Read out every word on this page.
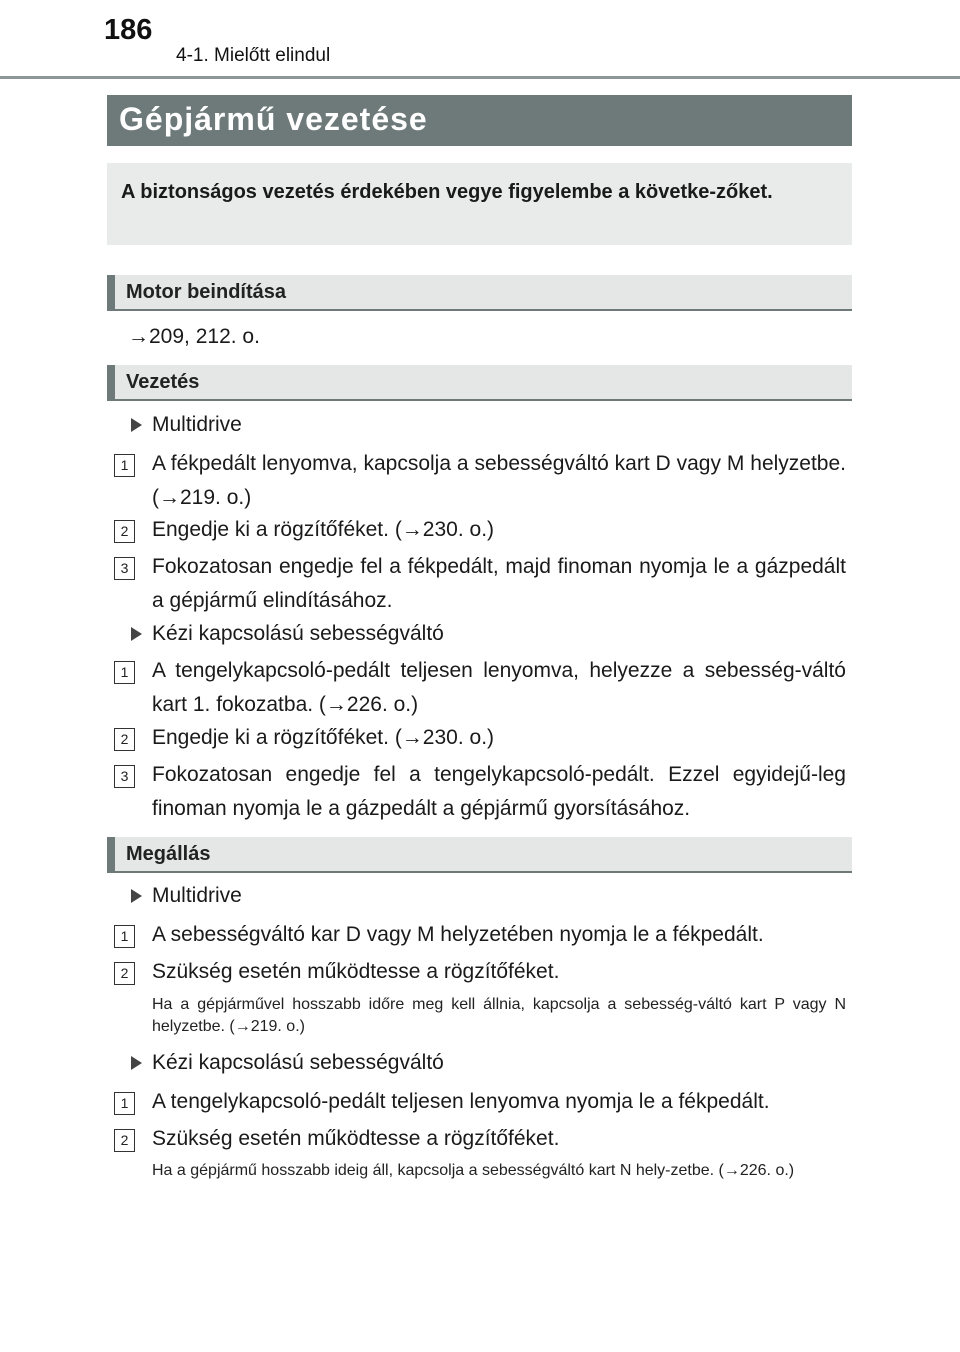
186
4-1. Mielőtt elindul
Gépjármű vezetése

A biztonságos vezetés érdekében vegye figyelembe a követke-zőket.

Motor beindítása
→209, 212. o.
Vezetés
Multidrive
1	A fékpedált lenyomva, kapcsolja a sebességváltó kart D vagy M helyzetbe. (→219. o.)
2	Engedje ki a rögzítőféket. (→230. o.)
3	Fokozatosan engedje fel a fékpedált, majd finoman nyomja le a gázpedált a gépjármű elindításához.
Kézi kapcsolású sebességváltó
1	A tengelykapcsoló-pedált teljesen lenyomva, helyezze a sebesség-váltó kart 1. fokozatba. (→226. o.)
2	Engedje ki a rögzítőféket. (→230. o.)
3	Fokozatosan engedje fel a tengelykapcsoló-pedált. Ezzel egyidejű-leg finoman nyomja le a gázpedált a gépjármű gyorsításához.
Megállás
Multidrive
1	A sebességváltó kar D vagy M helyzetében nyomja le a fékpedált.
2	Szükség esetén működtesse a rögzítőféket.
Ha a gépjárművel hosszabb időre meg kell állnia, kapcsolja a sebesség-váltó kart P vagy N helyzetbe. (→219. o.)
Kézi kapcsolású sebességváltó
1	A tengelykapcsoló-pedált teljesen lenyomva nyomja le a fékpedált.
2	Szükség esetén működtesse a rögzítőféket.
Ha a gépjármű hosszabb ideig áll, kapcsolja a sebességváltó kart N hely-zetbe. (→226. o.)
